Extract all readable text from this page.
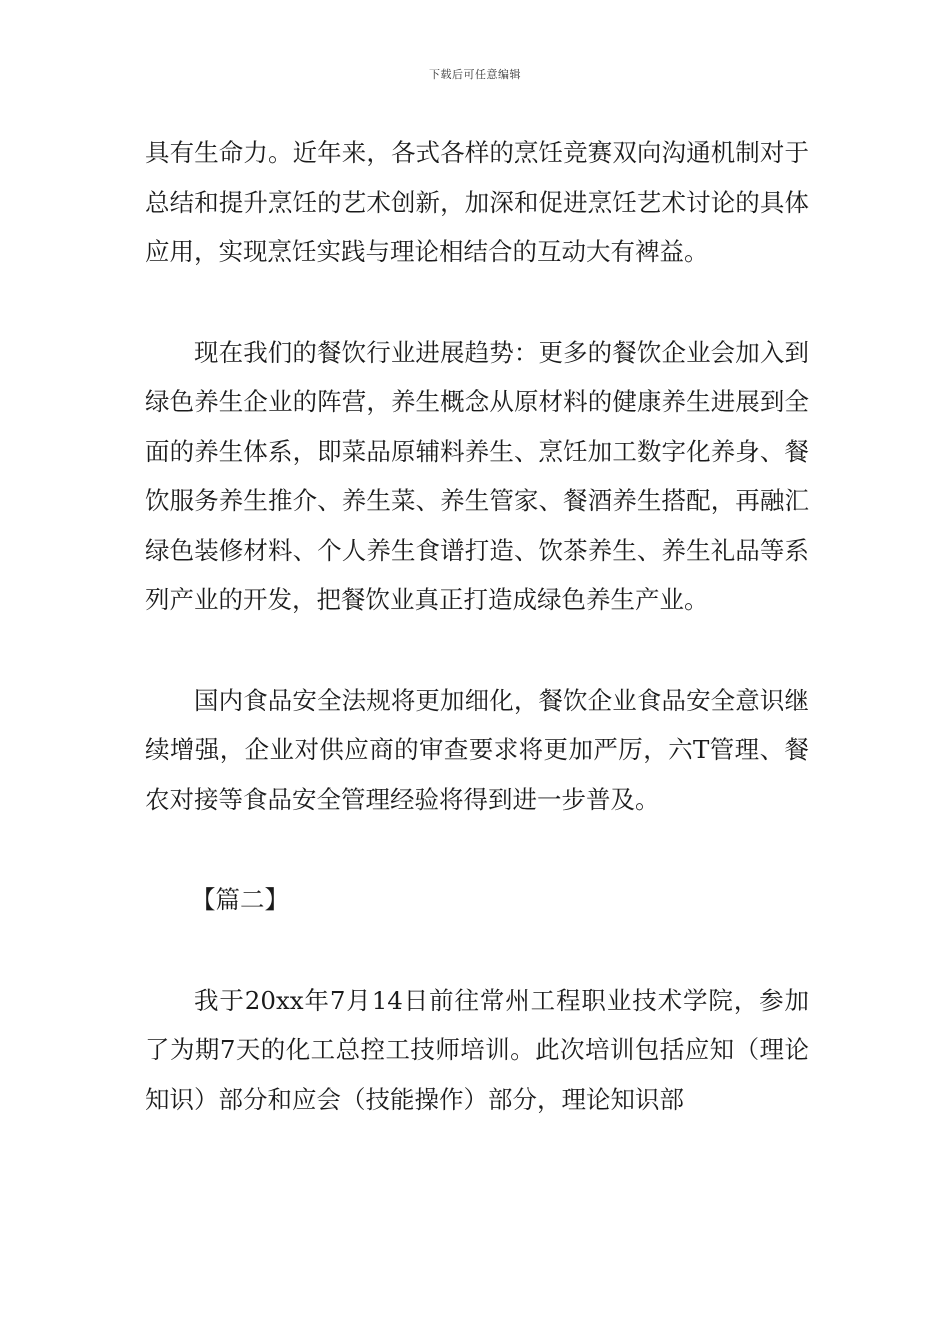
下载后可任意编辑

具有生命力。近年来，各式各样的烹饪竞赛双向沟通机制对于总结和提升烹饪的艺术创新，加深和促进烹饪艺术讨论的具体应用，实现烹饪实践与理论相结合的互动大有裨益。

现在我们的餐饮行业进展趋势：更多的餐饮企业会加入到绿色养生企业的阵营，养生概念从原材料的健康养生进展到全面的养生体系，即菜品原辅料养生、烹饪加工数字化养身、餐饮服务养生推介、养生菜、养生管家、餐酒养生搭配，再融汇绿色装修材料、个人养生食谱打造、饮茶养生、养生礼品等系列产业的开发，把餐饮业真正打造成绿色养生产业。

国内食品安全法规将更加细化，餐饮企业食品安全意识继续增强，企业对供应商的审查要求将更加严厉，六T管理、餐农对接等食品安全管理经验将得到进一步普及。

【篇二】

我于20xx年7月14日前往常州工程职业技术学院，参加了为期7天的化工总控工技师培训。此次培训包括应知（理论知识）部分和应会（技能操作）部分，理论知识部
